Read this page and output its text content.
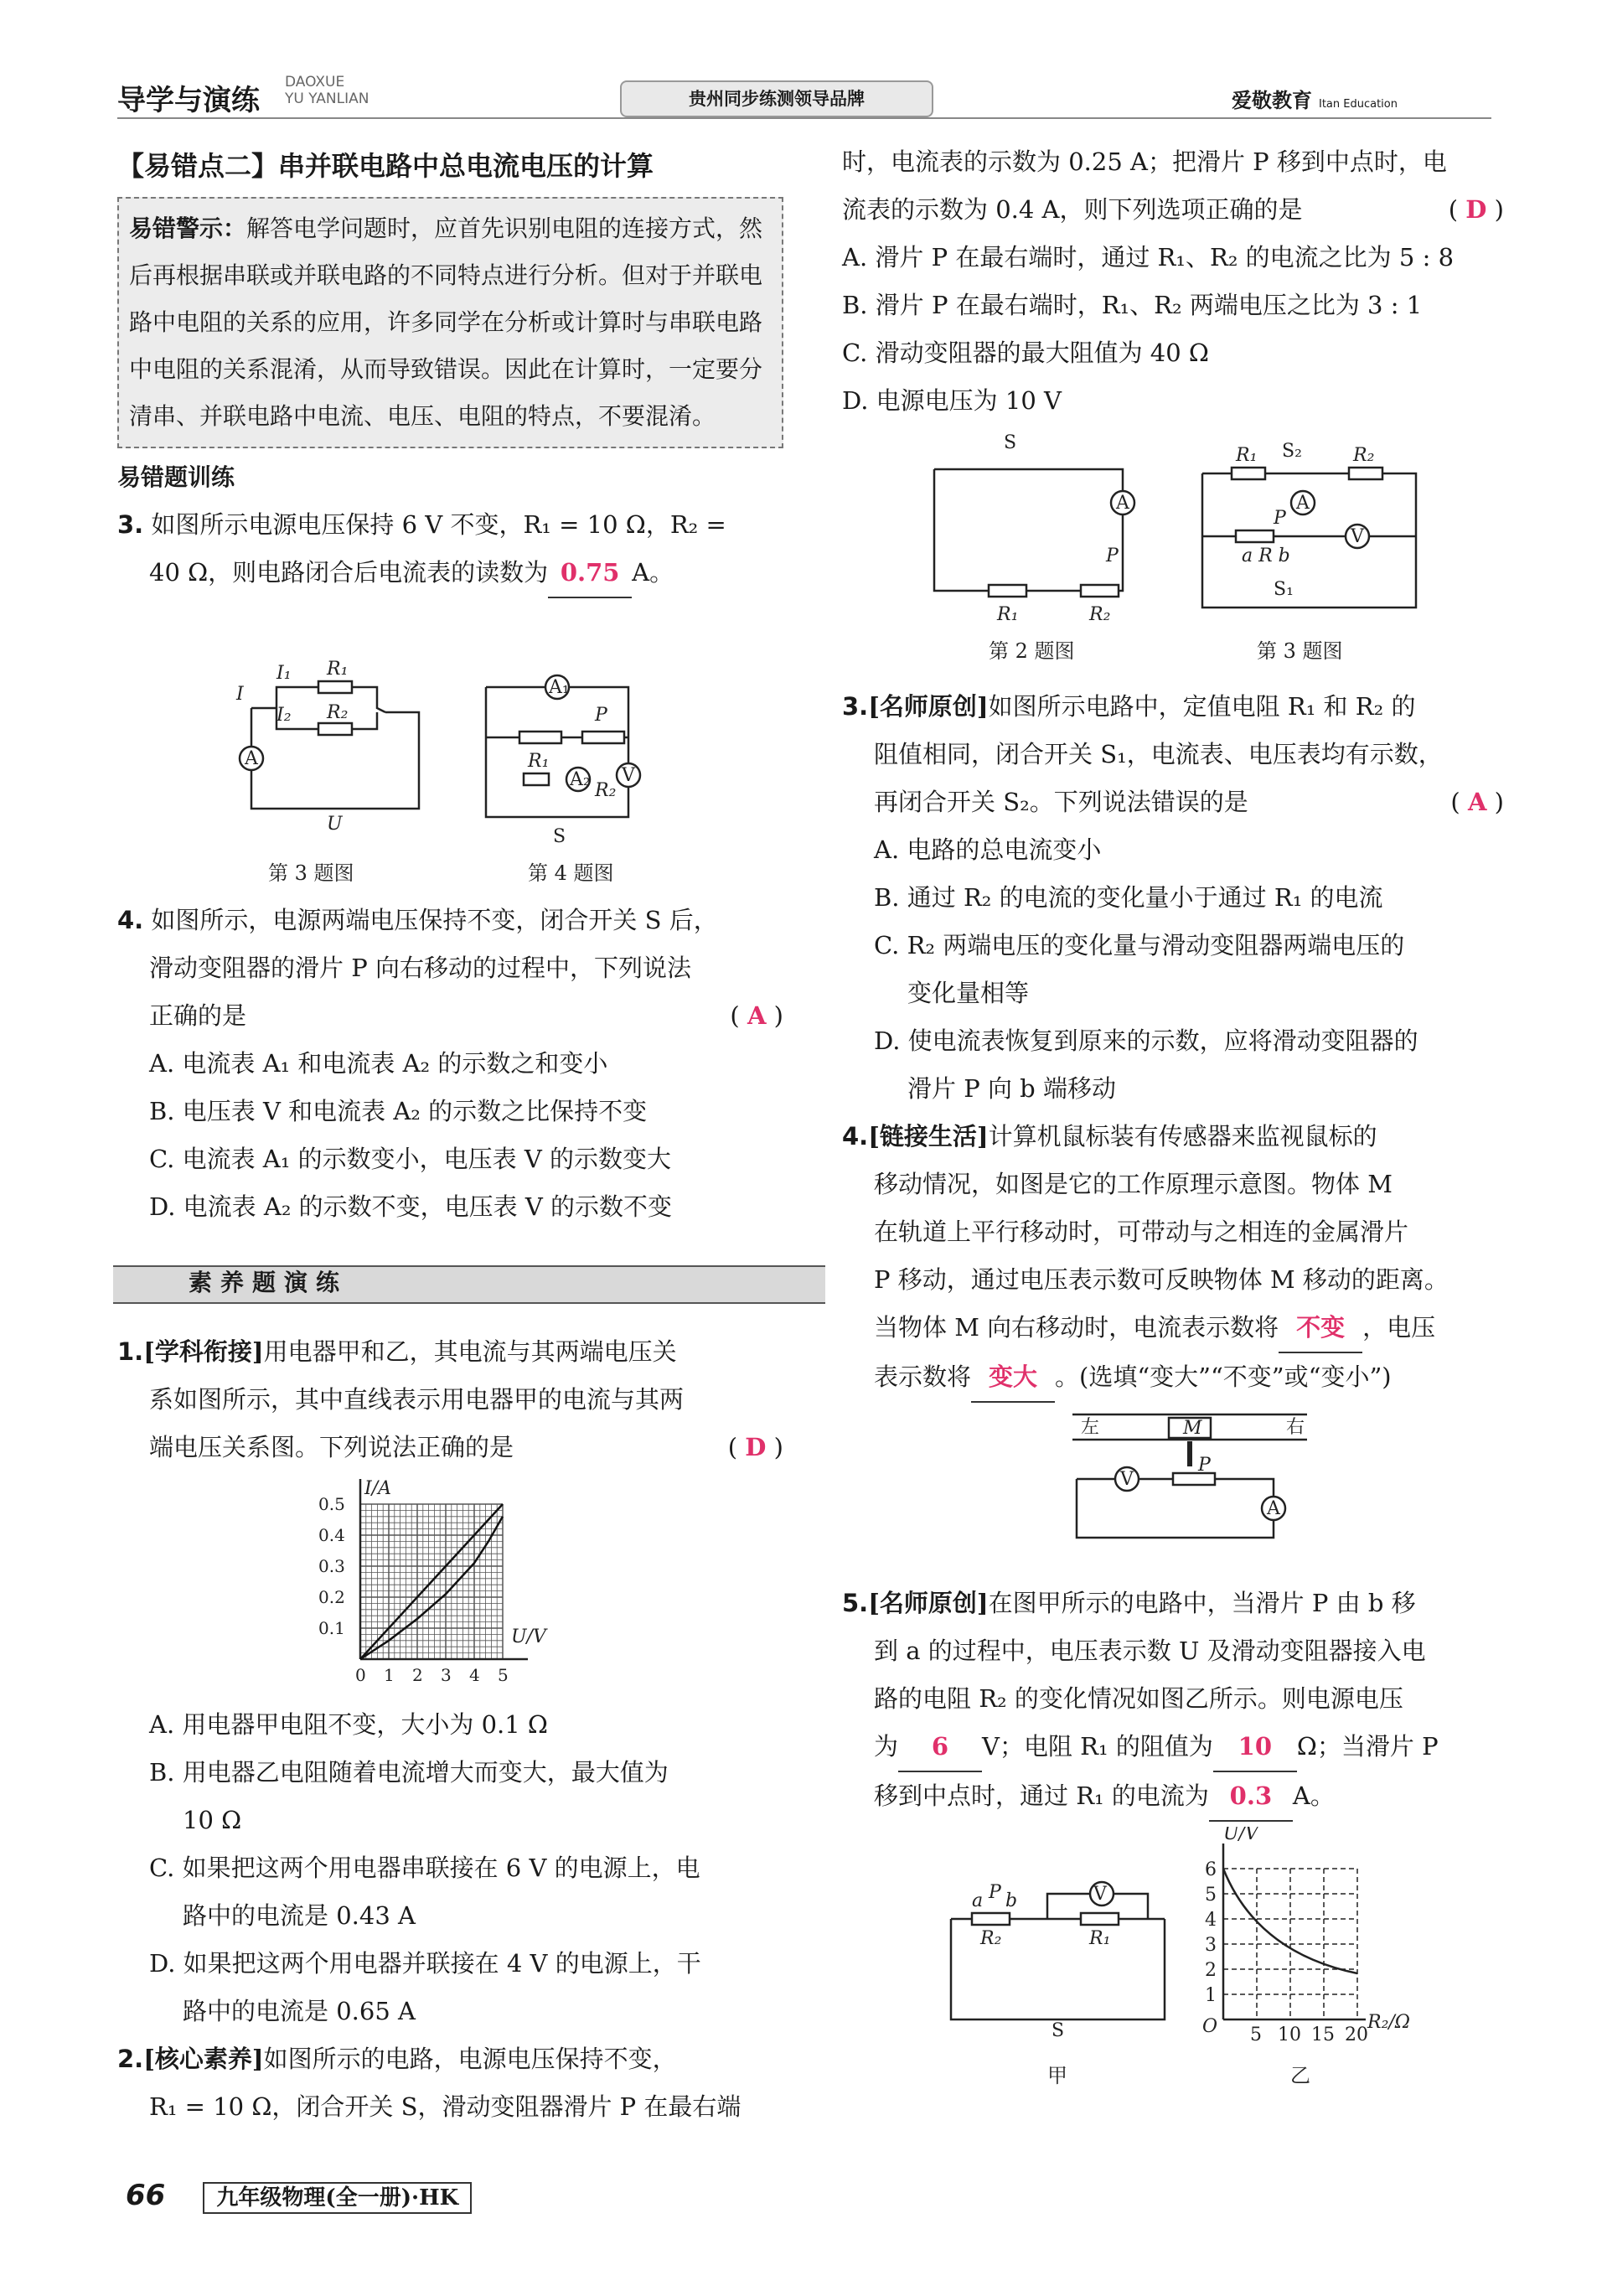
导学与演练
DAOXUE
YU YANLIAN	贵州同步练测领导品牌	爱敬教育 Itan Education

【易错点二】串并联电路中总电流电压的计算

易错警示：解答电学问题时，应首先识别电阻的连接方式，然后再根据串联或并联电路的不同特点进行分析。但对于并联电路中电阻的关系的应用，许多同学在分析或计算时与串联电路中电阻的关系混淆，从而导致错误。因此在计算时，一定要分清串、并联电路中电流、电压、电阻的特点，不要混淆。

易错题训练

3. 如图所示电源电压保持 6 V 不变，R₁ = 10 Ω，R₂ =

40 Ω，则电路闭合后电流表的读数为 0.75 A。

A
R₁
R₂
I₁
I₂
I
U
A₁
A₂ V
P
R₁
R₂
S
第 3 题图	第 4 题图

4. 如图所示，电源两端电压保持不变，闭合开关 S 后，

滑动变阻器的滑片 P 向右移动的过程中，下列说法

正确的是	( A )

A. 电流表 A₁ 和电流表 A₂ 的示数之和变小

B. 电压表 V 和电流表 A₂ 的示数之比保持不变

C. 电流表 A₁ 的示数变小，电压表 V 的示数变大

D. 电流表 A₂ 的示数不变，电压表 V 的示数不变

素养题演练

1.[学科衔接]用电器甲和乙，其电流与其两端电压关

系如图所示，其中直线表示用电器甲的电流与其两

端电压关系图。下列说法正确的是	( D )

0 1 2 3 4 5
0.1
0.2
0.3
0.4
0.5
I/A
U/V

A. 用电器甲电阻不变，大小为 0.1 Ω

B. 用电器乙电阻随着电流增大而变大，最大值为

10 Ω

C. 如果把这两个用电器串联接在 6 V 的电源上，电

路中的电流是 0.43 A

D. 如果把这两个用电器并联接在 4 V 的电源上，干

路中的电流是 0.65 A

2.[核心素养]如图所示的电路，电源电压保持不变，

R₁ = 10 Ω，闭合开关 S，滑动变阻器滑片 P 在最右端

时，电流表的示数为 0.25 A；把滑片 P 移到中点时，电

流表的示数为 0.4 A，则下列选项正确的是	( D )

A. 滑片 P 在最右端时，通过 R₁、R₂ 的电流之比为 5 : 8

B. 滑片 P 在最右端时，R₁、R₂ 两端电压之比为 3 : 1

C. 滑动变阻器的最大阻值为 40 Ω

D. 电源电压为 10 V

S
A
P
R₁	R₂
R₁ S₂	R₂
A
V
P
a R b
S₁
第 2 题图	第 3 题图

3.[名师原创]如图所示电路中，定值电阻 R₁ 和 R₂ 的

阻值相同，闭合开关 S₁，电流表、电压表均有示数，

再闭合开关 S₂。下列说法错误的是	( A )

A. 电路的总电流变小

B. 通过 R₂ 的电流的变化量小于通过 R₁ 的电流

C. R₂ 两端电压的变化量与滑动变阻器两端电压的

变化量相等

D. 使电流表恢复到原来的示数，应将滑动变阻器的

滑片 P 向 b 端移动

4.[链接生活]计算机鼠标装有传感器来监视鼠标的

移动情况，如图是它的工作原理示意图。物体 M

在轨道上平行移动时，可带动与之相连的金属滑片

P 移动，通过电压表示数可反映物体 M 移动的距离。

当物体 M 向右移动时，电流表示数将 不变 ，电压

表示数将 变大 。(选填“变大”“不变”或“变小”)

左	右
M
V
A
P

5.[名师原创]在图甲所示的电路中，当滑片 P 由 b 移

到 a 的过程中，电压表示数 U 及滑动变阻器接入电

路的电阻 R₂ 的变化情况如图乙所示。则电源电压

为 6 V；电阻 R₁ 的阻值为 10 Ω；当滑片 P

移到中点时，通过 R₁ 的电流为 0.3 A。

V
a P b
R₂	R₁
S
U/V
R₂/Ω
6
5
4
3
2
1
O 5 10 15 20
甲	乙
66 九年级物理(全一册)·HK
